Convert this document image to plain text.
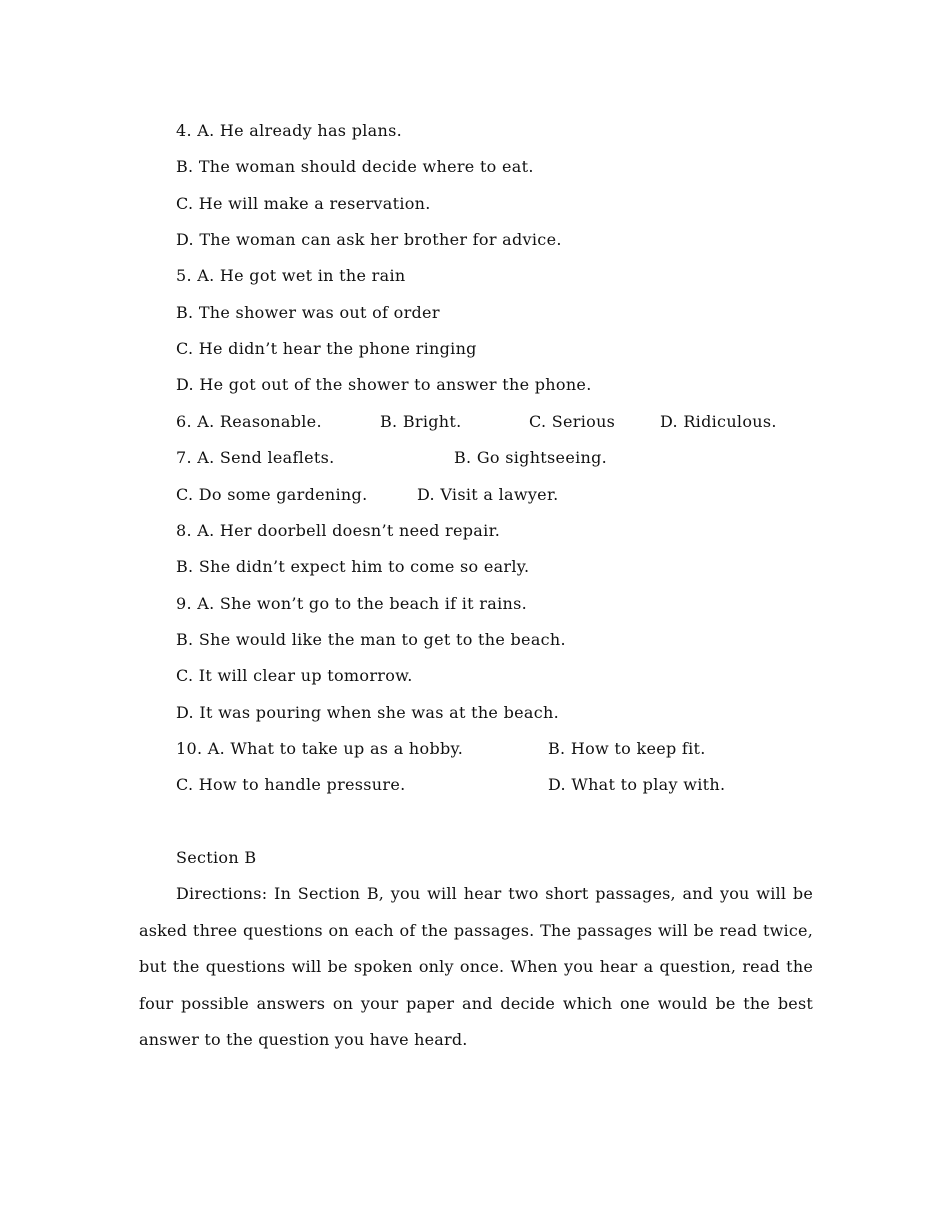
4. A. He already has plans.
B. The woman should decide where to eat.
C. He will make a reservation.
D. The woman can ask her brother for advice.
5. A. He got wet in the rain
B. The shower was out of order
C. He didn’t hear the phone ringing
D. He got out of the shower to answer the phone.
6. A. Reasonable.	B. Bright.	C. Serious	D. Ridiculous.
7. A. Send leaflets.	B. Go sightseeing.
C. Do some gardening.	D. Visit a lawyer.
8. A. Her doorbell doesn’t need repair.
B. She didn’t expect him to come so early.
9. A. She won’t go to the beach if it rains.
B. She would like the man to get to the beach.
C. It will clear up tomorrow.
D. It was pouring when she was at the beach.
10. A. What to take up as a hobby.	B. How to keep fit.
C. How to handle pressure.	D. What to play with.
Section B

Directions: In Section B, you will hear two short passages, and you will be asked three questions on each of the passages. The passages will be read twice, but the questions will be spoken only once. When you hear a question, read the four possible answers on your paper and decide which one would be the best answer to the question you have heard.
